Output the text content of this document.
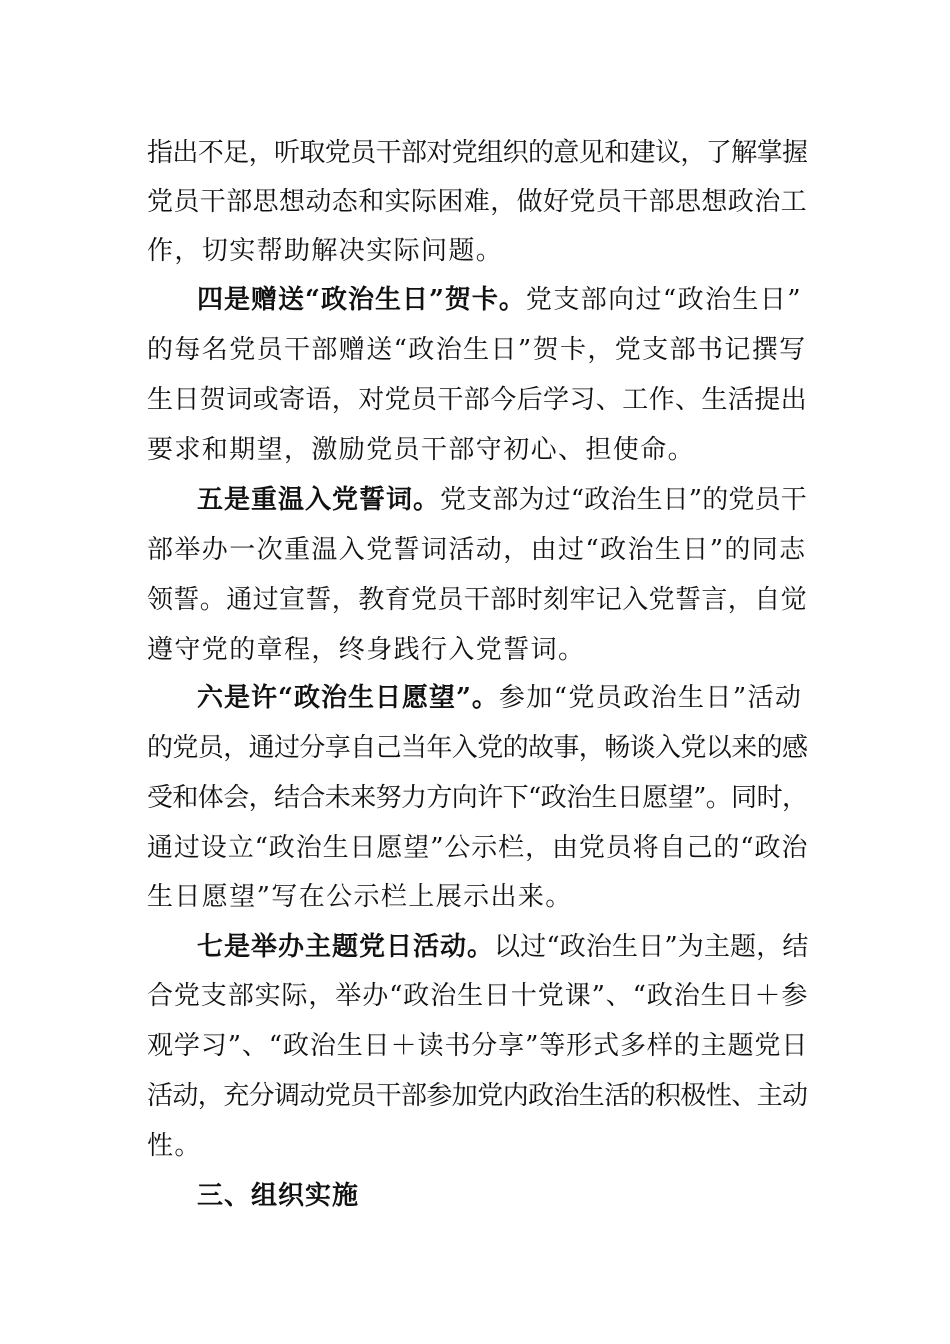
指出不足，听取党员干部对党组织的意见和建议，了解掌握

党员干部思想动态和实际困难，做好党员干部思想政治工

作，切实帮助解决实际问题。

四是赠送“政治生日”贺卡。党支部向过“政治生日”

的每名党员干部赠送“政治生日”贺卡，党支部书记撰写

生日贺词或寄语，对党员干部今后学习、工作、生活提出

要求和期望，激励党员干部守初心、担使命。

五是重温入党誓词。党支部为过“政治生日”的党员干

部举办一次重温入党誓词活动，由过“政治生日”的同志

领誓。通过宣誓，教育党员干部时刻牢记入党誓言，自觉

遵守党的章程，终身践行入党誓词。

六是许“政治生日愿望”。参加“党员政治生日”活动

的党员，通过分享自己当年入党的故事，畅谈入党以来的感

受和体会，结合未来努力方向许下“政治生日愿望”。同时，

通过设立“政治生日愿望”公示栏，由党员将自己的“政治

生日愿望”写在公示栏上展示出来。

七是举办主题党日活动。以过“政治生日”为主题，结

合党支部实际，举办“政治生日十党课”、“政治生日＋参

观学习”、“政治生日＋读书分享”等形式多样的主题党日

活动，充分调动党员干部参加党内政治生活的积极性、主动

性。

三、组织实施
